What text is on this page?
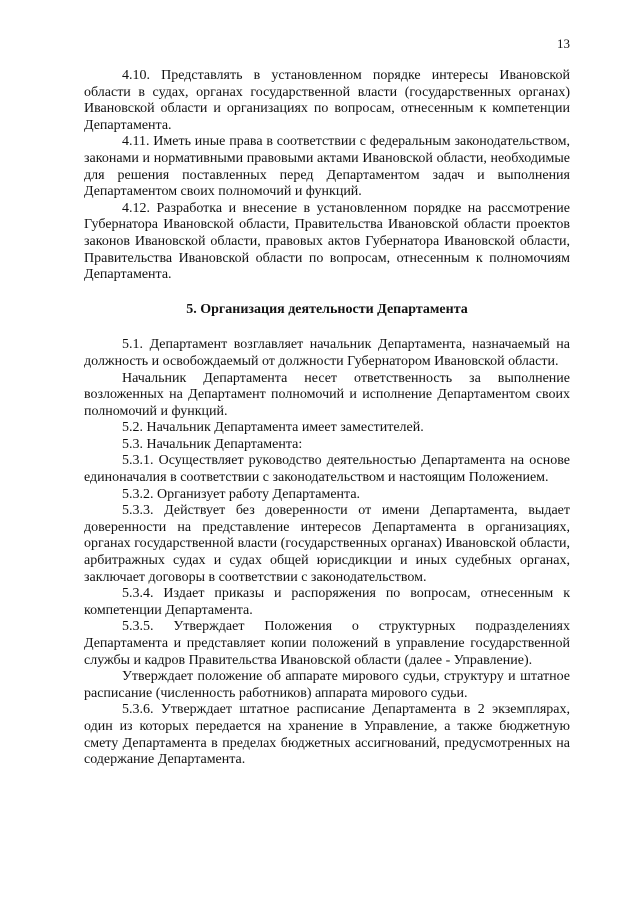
13

4.10. Представлять в установленном порядке интересы Ивановской области в судах, органах государственной власти (государственных органах) Ивановской области и организациях по вопросам, отнесенным к компетенции Департамента.

4.11. Иметь иные права в соответствии с федеральным законодательством, законами и нормативными правовыми актами Ивановской области, необходимые для решения поставленных перед Департаментом задач и выполнения Департаментом своих полномочий и функций.

4.12. Разработка и внесение в установленном порядке на рассмотрение Губернатора Ивановской области, Правительства Ивановской области проектов законов Ивановской области, правовых актов Губернатора Ивановской области, Правительства Ивановской области по вопросам, отнесенным к полномочиям Департамента.

5. Организация деятельности Департамента

5.1. Департамент возглавляет начальник Департамента, назначаемый на должность и освобождаемый от должности Губернатором Ивановской области.

Начальник Департамента несет ответственность за выполнение возложенных на Департамент полномочий и исполнение Департаментом своих полномочий и функций.

5.2. Начальник Департамента имеет заместителей.

5.3. Начальник Департамента:

5.3.1. Осуществляет руководство деятельностью Департамента на основе единоначалия в соответствии с законодательством и настоящим Положением.

5.3.2. Организует работу Департамента.

5.3.3. Действует без доверенности от имени Департамента, выдает доверенности на представление интересов Департамента в организациях, органах государственной власти (государственных органах) Ивановской области, арбитражных судах и судах общей юрисдикции и иных судебных органах, заключает договоры в соответствии с законодательством.

5.3.4. Издает приказы и распоряжения по вопросам, отнесенным к компетенции Департамента.

5.3.5. Утверждает Положения о структурных подразделениях Департамента и представляет копии положений в управление государственной службы и кадров Правительства Ивановской области (далее - Управление).

Утверждает положение об аппарате мирового судьи, структуру и штатное расписание (численность работников) аппарата мирового судьи.

5.3.6. Утверждает штатное расписание Департамента в 2 экземплярах, один из которых передается на хранение в Управление, а также бюджетную смету Департамента в пределах бюджетных ассигнований, предусмотренных на содержание Департамента.
